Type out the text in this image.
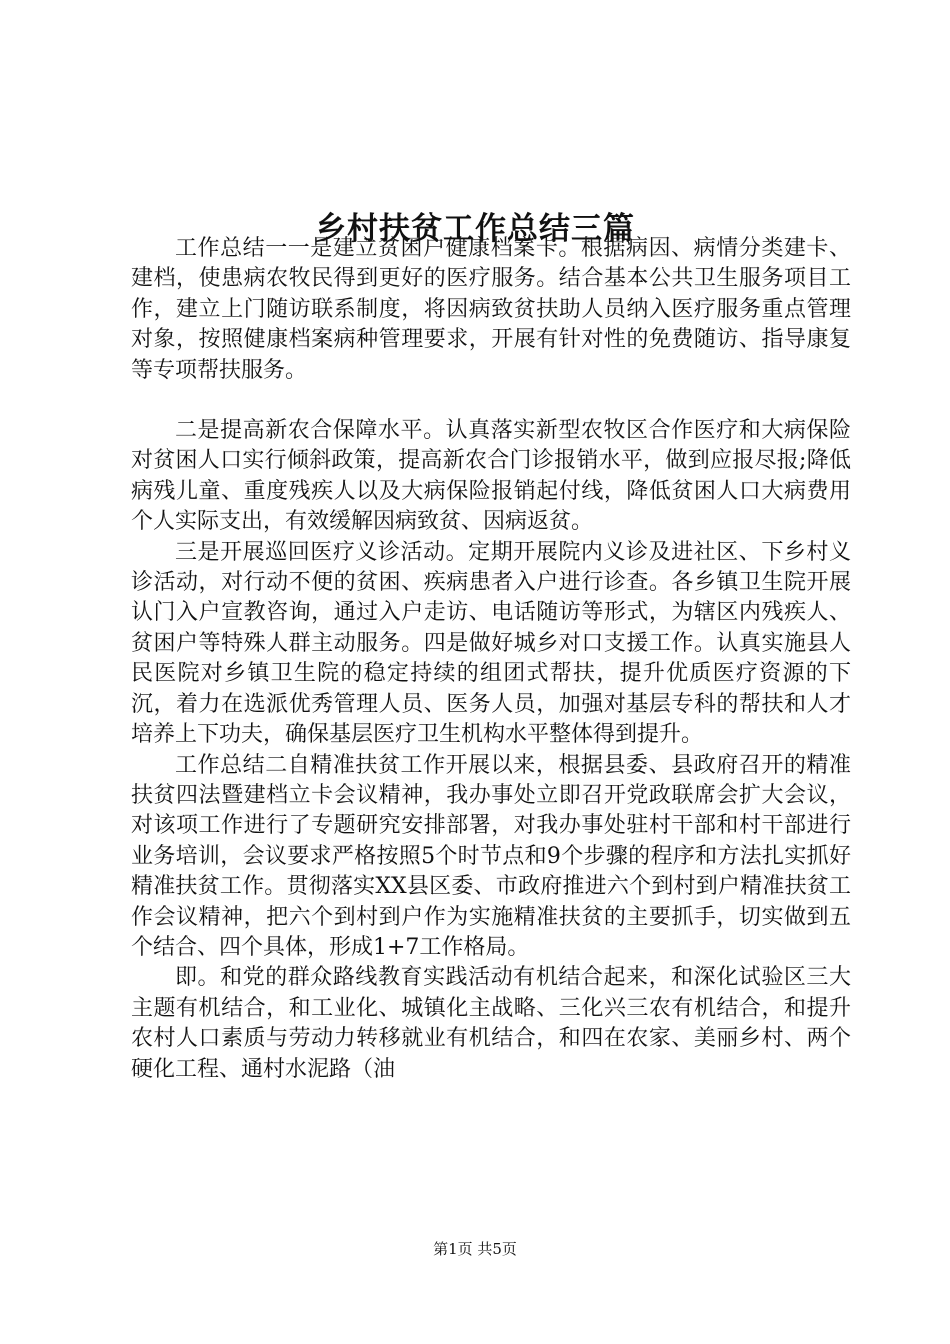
乡村扶贫工作总结三篇

工作总结一一是建立贫困户健康档案卡。根据病因、病情分类建卡、建档，使患病农牧民得到更好的医疗服务。结合基本公共卫生服务项目工作，建立上门随访联系制度，将因病致贫扶助人员纳入医疗服务重点管理对象，按照健康档案病种管理要求，开展有针对性的免费随访、指导康复等专项帮扶服务。

二是提高新农合保障水平。认真落实新型农牧区合作医疗和大病保险对贫困人口实行倾斜政策，提高新农合门诊报销水平，做到应报尽报;降低病残儿童、重度残疾人以及大病保险报销起付线，降低贫困人口大病费用个人实际支出，有效缓解因病致贫、因病返贫。

三是开展巡回医疗义诊活动。定期开展院内义诊及进社区、下乡村义诊活动，对行动不便的贫困、疾病患者入户进行诊查。各乡镇卫生院开展认门入户宣教咨询，通过入户走访、电话随访等形式，为辖区内残疾人、贫困户等特殊人群主动服务。四是做好城乡对口支援工作。认真实施县人民医院对乡镇卫生院的稳定持续的组团式帮扶，提升优质医疗资源的下沉，着力在选派优秀管理人员、医务人员，加强对基层专科的帮扶和人才培养上下功夫，确保基层医疗卫生机构水平整体得到提升。

工作总结二自精准扶贫工作开展以来，根据县委、县政府召开的精准扶贫四法暨建档立卡会议精神，我办事处立即召开党政联席会扩大会议，对该项工作进行了专题研究安排部署，对我办事处驻村干部和村干部进行业务培训，会议要求严格按照5个时节点和9个步骤的程序和方法扎实抓好精准扶贫工作。贯彻落实XX县区委、市政府推进六个到村到户精准扶贫工作会议精神，把六个到村到户作为实施精准扶贫的主要抓手，切实做到五个结合、四个具体，形成1+7工作格局。

即。和党的群众路线教育实践活动有机结合起来，和深化试验区三大主题有机结合，和工业化、城镇化主战略、三化兴三农有机结合，和提升农村人口素质与劳动力转移就业有机结合，和四在农家、美丽乡村、两个硬化工程、通村水泥路（油

第1页 共5页
